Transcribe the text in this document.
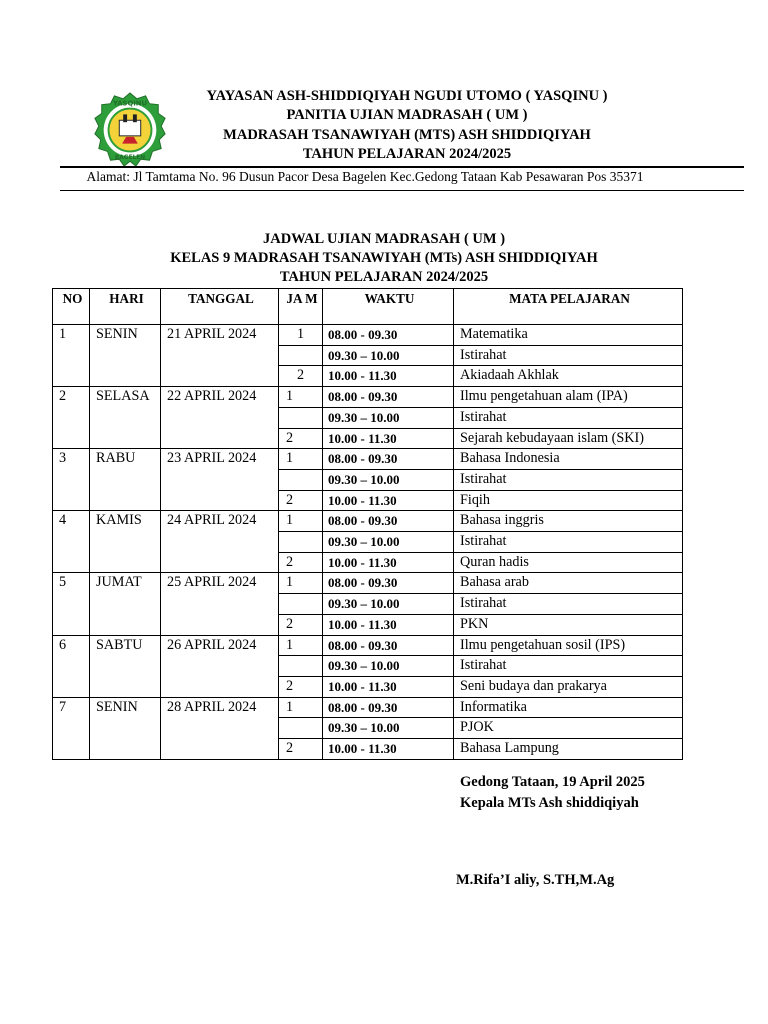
YASQINU
BAGELEN
YAYASAN ASH-SHIDDIQIYAH NGUDI UTOMO ( YASQINU )
PANITIA UJIAN MADRASAH ( UM )
MADRASAH TSANAWIYAH (MTS) ASH SHIDDIQIYAH
TAHUN PELAJARAN 2024/2025
Alamat: Jl Tamtama No. 96 Dusun Pacor Desa Bagelen Kec.Gedong Tataan Kab Pesawaran Pos 35371
JADWAL UJIAN MADRASAH ( UM )
KELAS 9 MADRASAH TSANAWIYAH (MTs) ASH SHIDDIQIYAH
TAHUN PELAJARAN 2024/2025
NO	HARI	TANGGAL	JA M	WAKTU	MATA PELAJARAN
1	SENIN	21 APRIL 2024	1	08.00 - 09.30	Matematika
				09.30 – 10.00	Istirahat
			2	10.00 - 11.30	Akiadaah Akhlak
2	SELASA	22 APRIL 2024	1	08.00 - 09.30	Ilmu pengetahuan alam (IPA)
				09.30 – 10.00	Istirahat
			2	10.00 - 11.30	Sejarah kebudayaan islam (SKI)
3	RABU	23 APRIL 2024	1	08.00 - 09.30	Bahasa Indonesia
				09.30 – 10.00	Istirahat
			2	10.00 - 11.30	Fiqih
4	KAMIS	24 APRIL 2024	1	08.00 - 09.30	Bahasa inggris
				09.30 – 10.00	Istirahat
			2	10.00 - 11.30	Quran hadis
5	JUMAT	25 APRIL 2024	1	08.00 - 09.30	Bahasa arab
				09.30 – 10.00	Istirahat
			2	10.00 - 11.30	PKN
6	SABTU	26 APRIL 2024	1	08.00 - 09.30	Ilmu pengetahuan sosil (IPS)
				09.30 – 10.00	Istirahat
			2	10.00 - 11.30	Seni budaya dan prakarya
7	SENIN	28 APRIL 2024	1	08.00 - 09.30	Informatika
				09.30 – 10.00	PJOK
			2	10.00 - 11.30	Bahasa Lampung
Gedong Tataan, 19 April 2025
Kepala MTs Ash shiddiqiyah
M.Rifa’I aliy, S.TH,M.Ag
